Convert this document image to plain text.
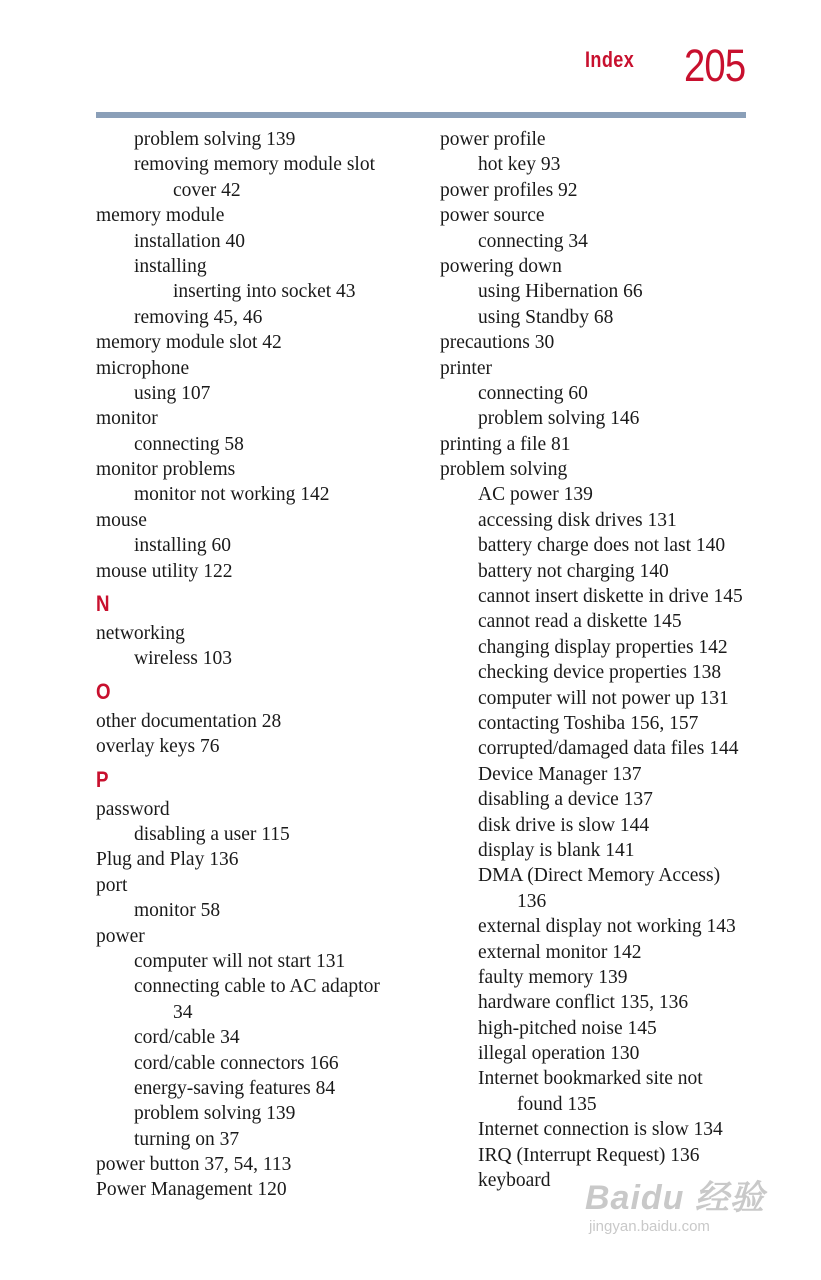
Index 205
problem solving 139
removing memory module slot
cover 42
memory module
installation 40
installing
inserting into socket 43
removing 45, 46
memory module slot 42
microphone
using 107
monitor
connecting 58
monitor problems
monitor not working 142
mouse
installing 60
mouse utility 122
N
networking
wireless 103
O
other documentation 28
overlay keys 76
P
password
disabling a user 115
Plug and Play 136
port
monitor 58
power
computer will not start 131
connecting cable to AC adaptor
34
cord/cable 34
cord/cable connectors 166
energy-saving features 84
problem solving 139
turning on 37
power button 37, 54, 113
Power Management 120
power profile
hot key 93
power profiles 92
power source
connecting 34
powering down
using Hibernation 66
using Standby 68
precautions 30
printer
connecting 60
problem solving 146
printing a file 81
problem solving
AC power 139
accessing disk drives 131
battery charge does not last 140
battery not charging 140
cannot insert diskette in drive 145
cannot read a diskette 145
changing display properties 142
checking device properties 138
computer will not power up 131
contacting Toshiba 156, 157
corrupted/damaged data files 144
Device Manager 137
disabling a device 137
disk drive is slow 144
display is blank 141
DMA (Direct Memory Access)
136
external display not working 143
external monitor 142
faulty memory 139
hardware conflict 135, 136
high-pitched noise 145
illegal operation 130
Internet bookmarked site not
found 135
Internet connection is slow 134
IRQ (Interrupt Request) 136
keyboard	Baidu 经验
jingyan.baidu.com
